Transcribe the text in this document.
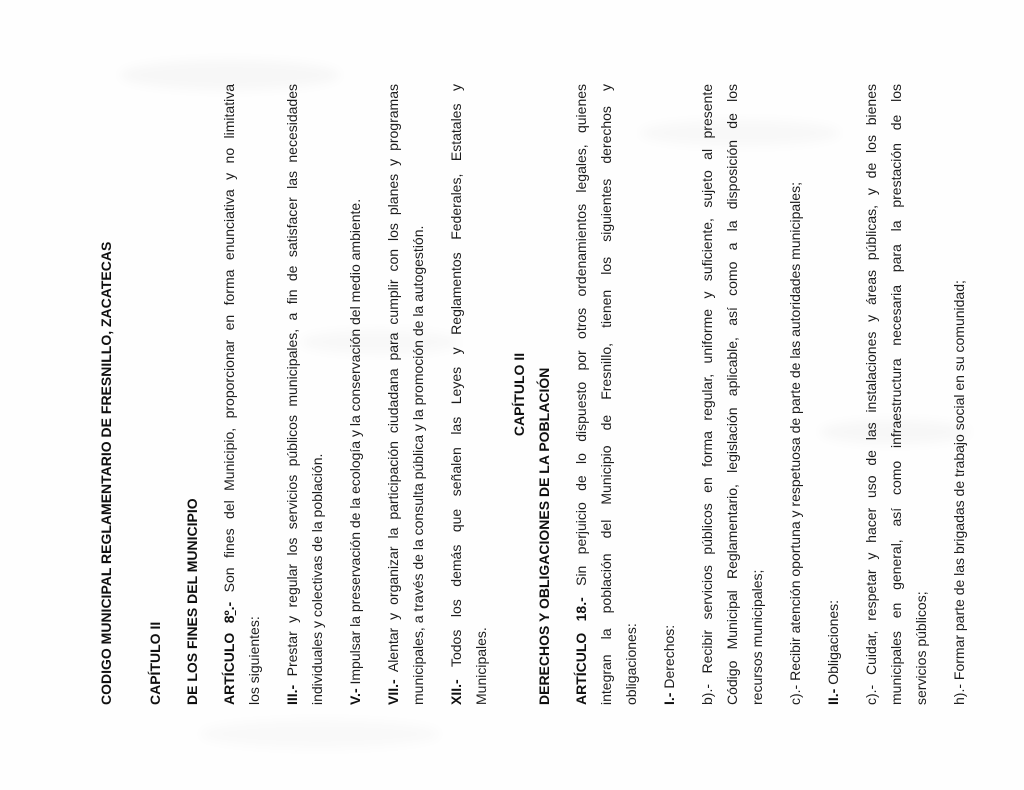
CODIGO MUNICIPAL REGLAMENTARIO DE FRESNILLO, ZACATECAS	CAPÍTULO II	DE LOS FINES DEL MUNICIPIO	ARTÍCULO 8º.- Son fines del Municipio, proporcionar en forma enunciativa y no limitativa
los siguientes:	III.- Prestar y regular los servicios públicos municipales, a fin de satisfacer las necesidades individuales y colectivas de la población.	V.- Impulsar la preservación de la ecología y la conservación del medio ambiente.
VII.- Alentar y organizar la participación ciudadana para cumplir con los planes y programas municipales, a través de la consulta pública y la promoción de la autogestión.	XII.- Todos los demás que señalen las Leyes y Reglamentos Federales, Estatales y Municipales.
CAPÍTULO II DERECHOS Y OBLIGACIONES DE LA POBLACIÓN	ARTÍCULO 18.- Sin perjuicio de lo dispuesto por otros ordenamientos legales, quienes integran la población del Municipio de Fresnillo, tienen los siguientes derechos y obligaciones:	I.- Derechos:
b).- Recibir servicios públicos en forma regular, uniforme y suficiente, sujeto al presente Código Municipal Reglamentario, legislación aplicable, así como a la disposición de los recursos municipales;	c).- Recibir atención oportuna y respetuosa de parte de las autoridades municipales;
II.- Obligaciones:
c).- Cuidar, respetar y hacer uso de las instalaciones y áreas públicas, y de los bienes municipales en general, así como infraestructura necesaria para la prestación de los servicios públicos;	h).- Formar parte de las brigadas de trabajo social en su comunidad;
